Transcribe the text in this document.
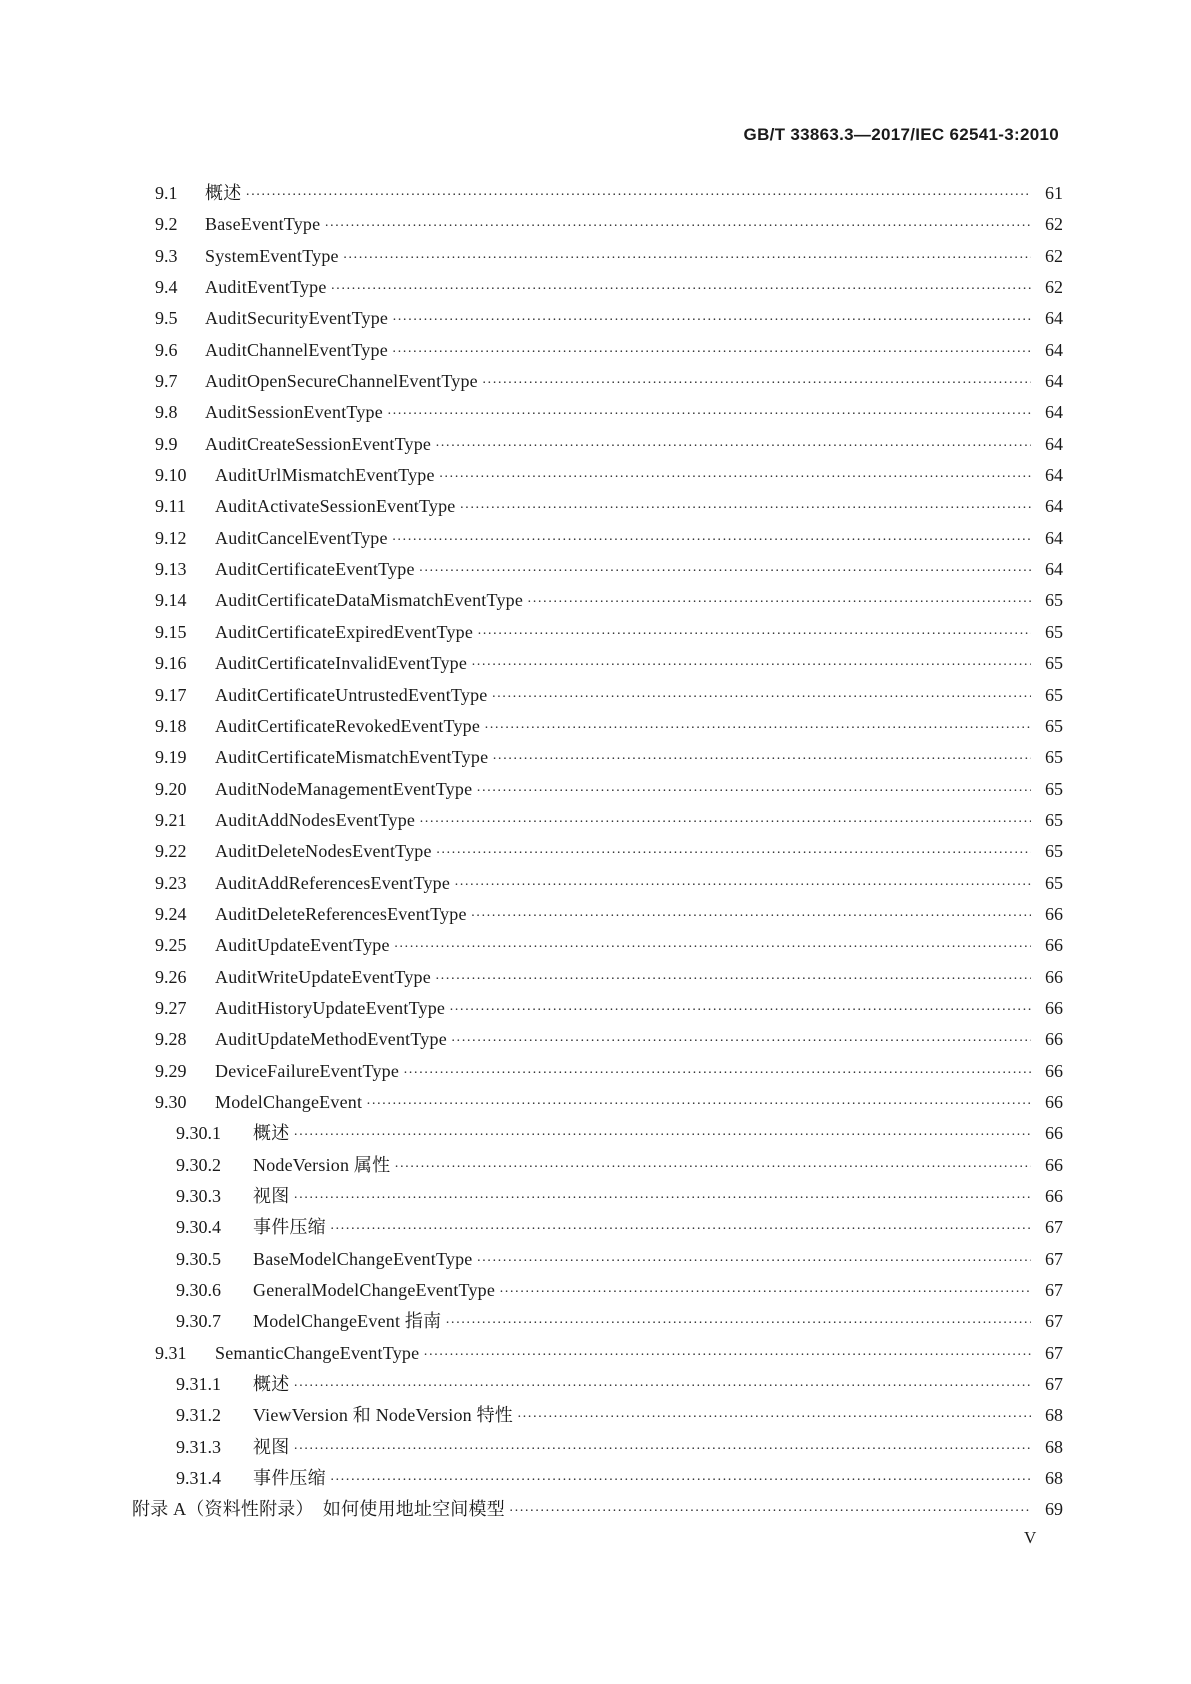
GB/T 33863.3—2017/IEC 62541-3:2010
9.1 概述 ·····	61
9.2 BaseEventType ·····	62
9.3 SystemEventType ·····	62
9.4 AuditEventType ·····	62
9.5 AuditSecurityEventType ·····	64
9.6 AuditChannelEventType ·····	64
9.7 AuditOpenSecureChannelEventType ·····	64
9.8 AuditSessionEventType ·····	64
9.9 AuditCreateSessionEventType ·····	64
9.10 AuditUrlMismatchEventType ·····	64
9.11 AuditActivateSessionEventType ·····	64
9.12 AuditCancelEventType ·····	64
9.13 AuditCertificateEventType ·····	64
9.14 AuditCertificateDataMismatchEventType ·····	65
9.15 AuditCertificateExpiredEventType ·····	65
9.16 AuditCertificateInvalidEventType ·····	65
9.17 AuditCertificateUntrustedEventType ·····	65
9.18 AuditCertificateRevokedEventType ·····	65
9.19 AuditCertificateMismatchEventType ·····	65
9.20 AuditNodeManagementEventType ·····	65
9.21 AuditAddNodesEventType ·····	65
9.22 AuditDeleteNodesEventType ·····	65
9.23 AuditAddReferencesEventType ·····	65
9.24 AuditDeleteReferencesEventType ·····	66
9.25 AuditUpdateEventType ·····	66
9.26 AuditWriteUpdateEventType ·····	66
9.27 AuditHistoryUpdateEventType ·····	66
9.28 AuditUpdateMethodEventType ·····	66
9.29 DeviceFailureEventType ·····	66
9.30 ModelChangeEvent ·····	66
9.30.1 概述 ·····	66
9.30.2 NodeVersion 属性 ·····	66
9.30.3 视图 ·····	66
9.30.4 事件压缩 ·····	67
9.30.5 BaseModelChangeEventType ·····	67
9.30.6 GeneralModelChangeEventType ·····	67
9.30.7 ModelChangeEvent 指南 ·····	67
9.31 SemanticChangeEventType ·····	67
9.31.1 概述 ·····	67
9.31.2 ViewVersion 和 NodeVersion 特性 ·····	68
9.31.3 视图 ·····	68
9.31.4 事件压缩 ·····	68
附录 A（资料性附录）　如何使用地址空间模型 ·····	69
V
